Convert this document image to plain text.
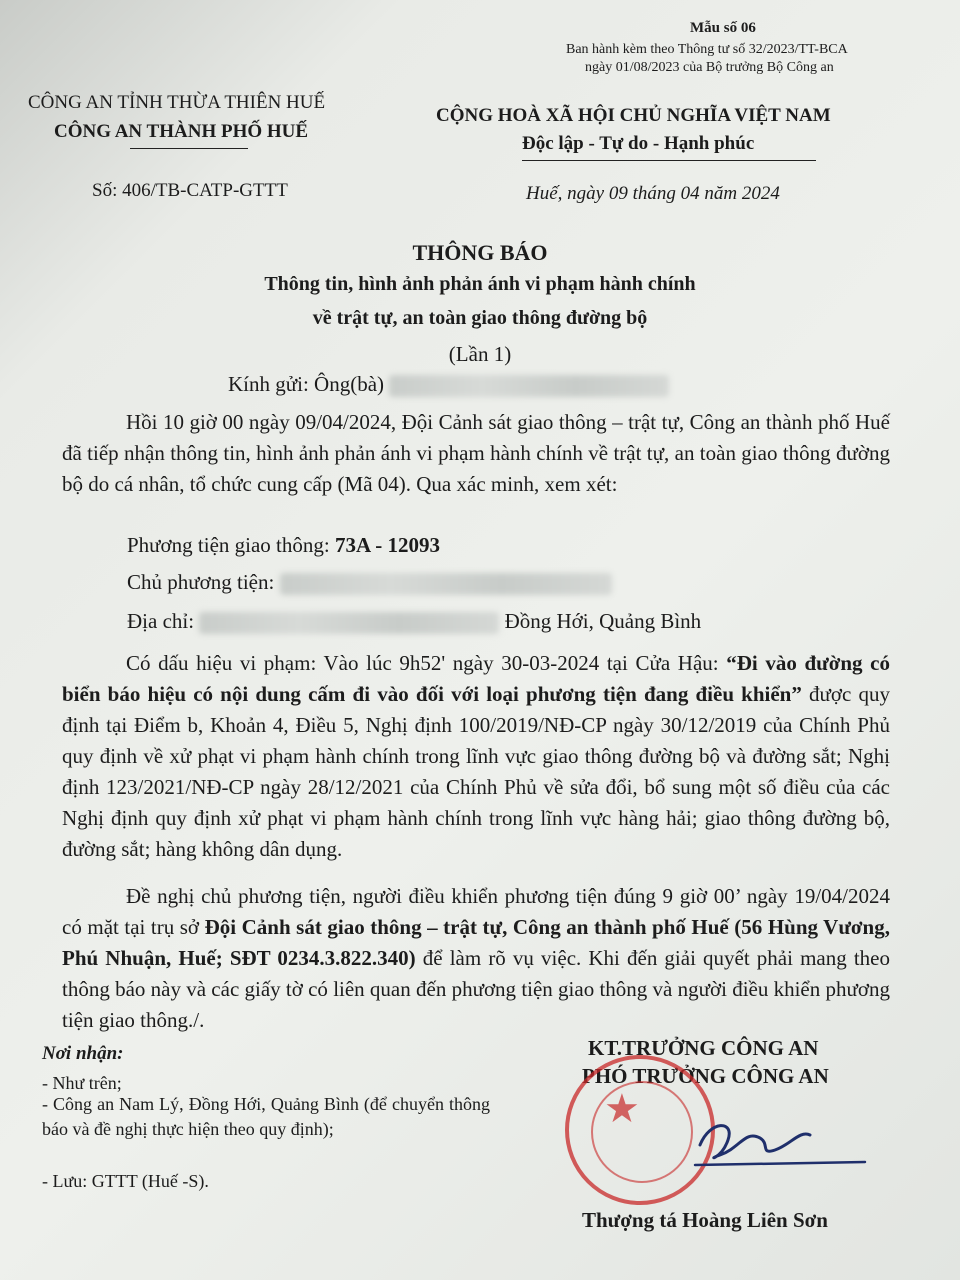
Mẫu số 06
Ban hành kèm theo Thông tư số 32/2023/TT-BCA
ngày 01/08/2023 của Bộ trưởng Bộ Công an
CÔNG AN TỈNH THỪA THIÊN HUẾ
CÔNG AN THÀNH PHỐ HUẾ
Số: 406/TB-CATP-GTTT
CỘNG HOÀ XÃ HỘI CHỦ NGHĨA VIỆT NAM
Độc lập - Tự do - Hạnh phúc
Huế, ngày 09 tháng 04 năm 2024
THÔNG BÁO
Thông tin, hình ảnh phản ánh vi phạm hành chính
về trật tự, an toàn giao thông đường bộ
(Lần 1)
Kính gửi: Ông(bà)
Hồi 10 giờ 00 ngày 09/04/2024, Đội Cảnh sát giao thông – trật tự, Công an thành phố Huế đã tiếp nhận thông tin, hình ảnh phản ánh vi phạm hành chính về trật tự, an toàn giao thông đường bộ do cá nhân, tổ chức cung cấp (Mã 04). Qua xác minh, xem xét:
Phương tiện giao thông: 73A - 12093
Chủ phương tiện:
Địa chỉ:	Đồng Hới, Quảng Bình
Có dấu hiệu vi phạm: Vào lúc 9h52' ngày 30-03-2024 tại Cửa Hậu: “Đi vào đường có biển báo hiệu có nội dung cấm đi vào đối với loại phương tiện đang điều khiển” được quy định tại Điểm b, Khoản 4, Điều 5, Nghị định 100/2019/NĐ-CP ngày 30/12/2019 của Chính Phủ quy định về xử phạt vi phạm hành chính trong lĩnh vực giao thông đường bộ và đường sắt; Nghị định 123/2021/NĐ-CP ngày 28/12/2021 của Chính Phủ về sửa đổi, bổ sung một số điều của các Nghị định quy định xử phạt vi phạm hành chính trong lĩnh vực hàng hải; giao thông đường bộ, đường sắt; hàng không dân dụng.
Đề nghị chủ phương tiện, người điều khiển phương tiện đúng 9 giờ 00’ ngày 19/04/2024 có mặt tại trụ sở Đội Cảnh sát giao thông – trật tự, Công an thành phố Huế (56 Hùng Vương, Phú Nhuận, Huế; SĐT 0234.3.822.340) để làm rõ vụ việc. Khi đến giải quyết phải mang theo thông báo này và các giấy tờ có liên quan đến phương tiện giao thông và người điều khiển phương tiện giao thông./.
Nơi nhận:
- Như trên;
- Công an Nam Lý, Đồng Hới, Quảng Bình (để chuyển thông báo và đề nghị thực hiện theo quy định);
- Lưu: GTTT (Huế -S).
KT.TRƯỞNG CÔNG AN
PHÓ TRƯỞNG CÔNG AN
★
Thượng tá Hoàng Liên Sơn
